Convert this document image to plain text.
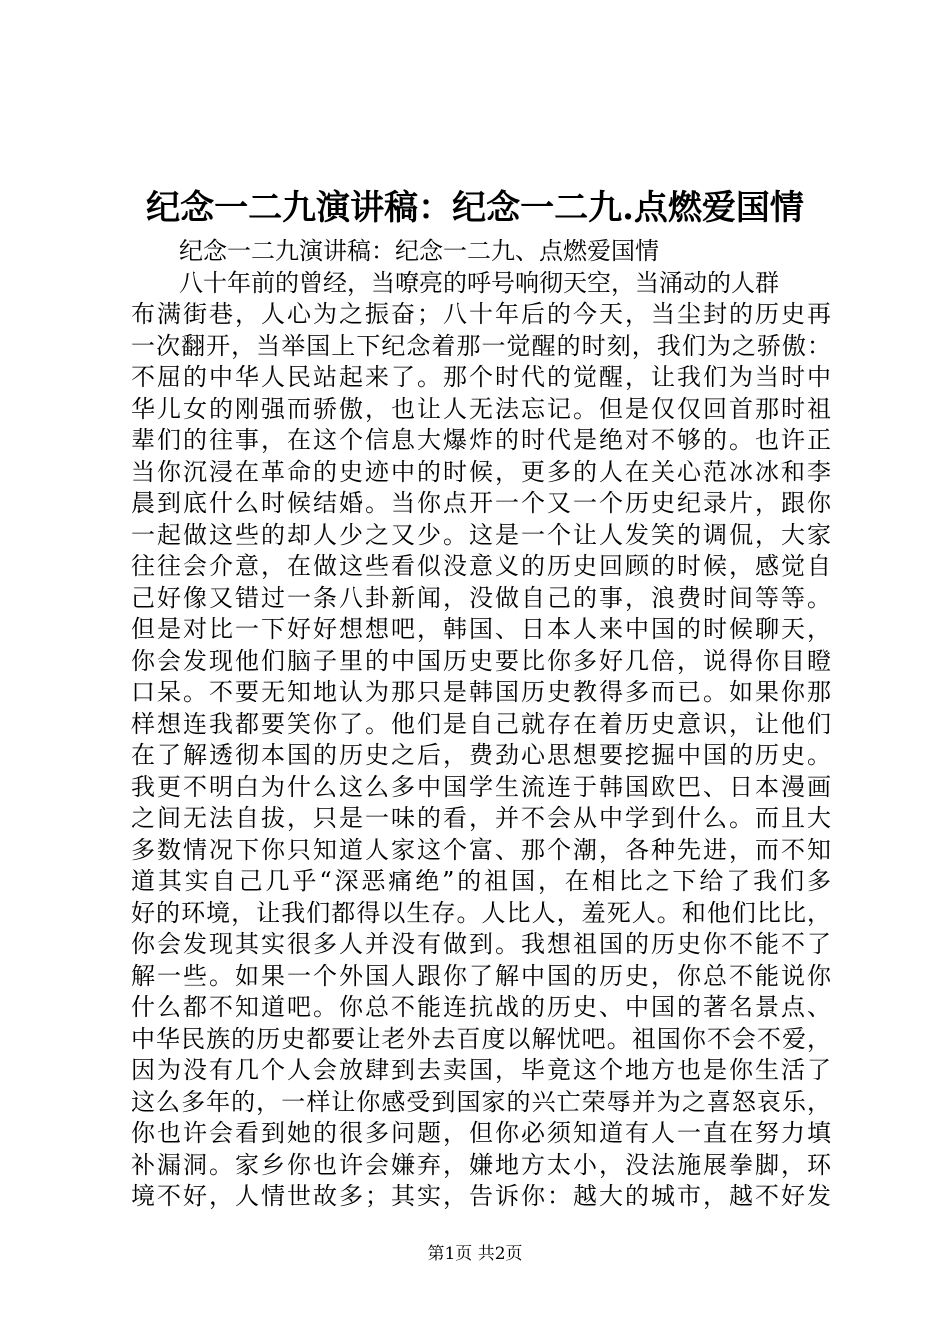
纪念一二九演讲稿：纪念一二九.点燃爱国情
纪念一二九演讲稿：纪念一二九、点燃爱国情
八十年前的曾经，当嘹亮的呼号响彻天空，当涌动的人群
布满街巷，人心为之振奋；八十年后的今天，当尘封的历史再
一次翻开，当举国上下纪念着那一觉醒的时刻，我们为之骄傲：
不屈的中华人民站起来了。那个时代的觉醒，让我们为当时中
华儿女的刚强而骄傲，也让人无法忘记。但是仅仅回首那时祖
辈们的往事，在这个信息大爆炸的时代是绝对不够的。也许正
当你沉浸在革命的史迹中的时候，更多的人在关心范冰冰和李
晨到底什么时候结婚。当你点开一个又一个历史纪录片，跟你
一起做这些的却人少之又少。这是一个让人发笑的调侃，大家
往往会介意，在做这些看似没意义的历史回顾的时候，感觉自
己好像又错过一条八卦新闻，没做自己的事，浪费时间等等。
但是对比一下好好想想吧，韩国、日本人来中国的时候聊天，
你会发现他们脑子里的中国历史要比你多好几倍，说得你目瞪
口呆。不要无知地认为那只是韩国历史教得多而已。如果你那
样想连我都要笑你了。他们是自己就存在着历史意识，让他们
在了解透彻本国的历史之后，费劲心思想要挖掘中国的历史。
我更不明白为什么这么多中国学生流连于韩国欧巴、日本漫画
之间无法自拔，只是一味的看，并不会从中学到什么。而且大
多数情况下你只知道人家这个富、那个潮，各种先进，而不知
道其实自己几乎“深恶痛绝”的祖国，在相比之下给了我们多
好的环境，让我们都得以生存。人比人，羞死人。和他们比比，
你会发现其实很多人并没有做到。我想祖国的历史你不能不了
解一些。如果一个外国人跟你了解中国的历史，你总不能说你
什么都不知道吧。你总不能连抗战的历史、中国的著名景点、
中华民族的历史都要让老外去百度以解忧吧。祖国你不会不爱，
因为没有几个人会放肆到去卖国，毕竟这个地方也是你生活了
这么多年的，一样让你感受到国家的兴亡荣辱并为之喜怒哀乐，
你也许会看到她的很多问题，但你必须知道有人一直在努力填
补漏洞。家乡你也许会嫌弃，嫌地方太小，没法施展拳脚，环
境不好，人情世故多；其实，告诉你：越大的城市，越不好发
第1页 共2页
